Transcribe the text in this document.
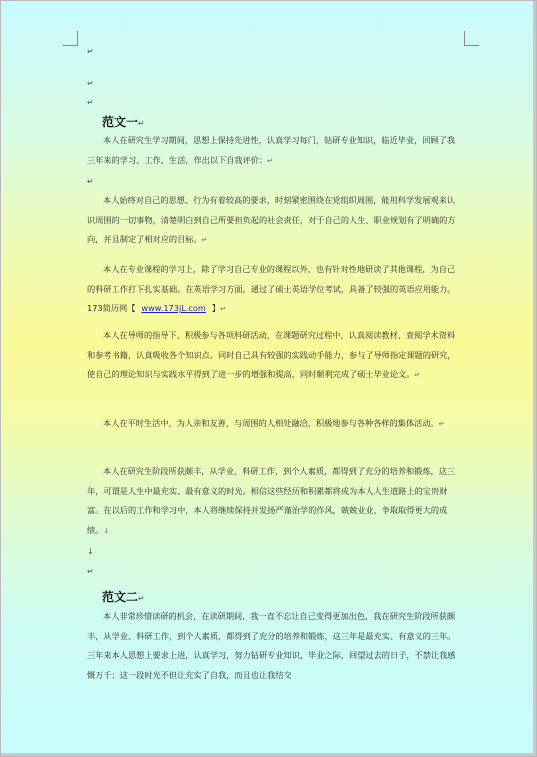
↵
↵
↵
范文一↵
本人在研究生学习期间，思想上保持先进性，认真学习每门，钻研专业知识，临近毕业，回顾了我三年来的学习、工作、生活，作出以下自我评价：↵
↵
本人始终对自己的思想、行为有着较高的要求，时刻紧密围绕在党组织周围，能用科学发展观来认识周围的一切事物，清楚明白到自己所要担负起的社会责任，对于自己的人生、职业规划有了明确的方向，并且制定了相对应的目标。↵
本人在专业课程的学习上，除了学习自己专业的课程以外，也有针对性地研读了其他课程，为自己的科研工作打下扎实基础。在英语学习方面，通过了硕士英语学位考试，具备了较强的英语应用能力。173简历网【 www.173jL.com 】↵
本人在导师的指导下，积极参与各项科研活动，在课题研究过程中，认真阅读教材、查阅学术资料和参考书籍，认真吸收各个知识点。同时自己具有较强的实践动手能力，参与了导师指定课题的研究，使自己的理论知识与实践水平得到了进一步的增强和提高，同时顺利完成了硕士毕业论文。↵
本人在平时生活中，为人亲和友善，与周围的人相处融洽，积极地参与各种各样的集体活动。↵
本人在研究生阶段所获颇丰，从学业、科研工作，到个人素质，都得到了充分的培养和锻炼，这三年，可谓是人生中最充实、最有意义的时光。相信这些经历和积累都将成为本人人生道路上的宝贵财富。在以后的工作和学习中，本人将继续保持并发扬严谨治学的作风，兢兢业业，争取取得更大的成绩。↓
↓
↵
范文二↵
本人非常珍惜读研的机会，在读研期间，我一直不忘让自己变得更加出色，我在研究生阶段所获颇丰，从学业、科研工作，到个人素质，都得到了充分的培养和锻炼，这三年是最充实、有意义的三年。三年来本人思想上要求上进，认真学习，努力钻研专业知识，毕业之际，回望过去的日子，不禁让我感慨万千：这一段时光不但让充实了自我，而且也让我结交
